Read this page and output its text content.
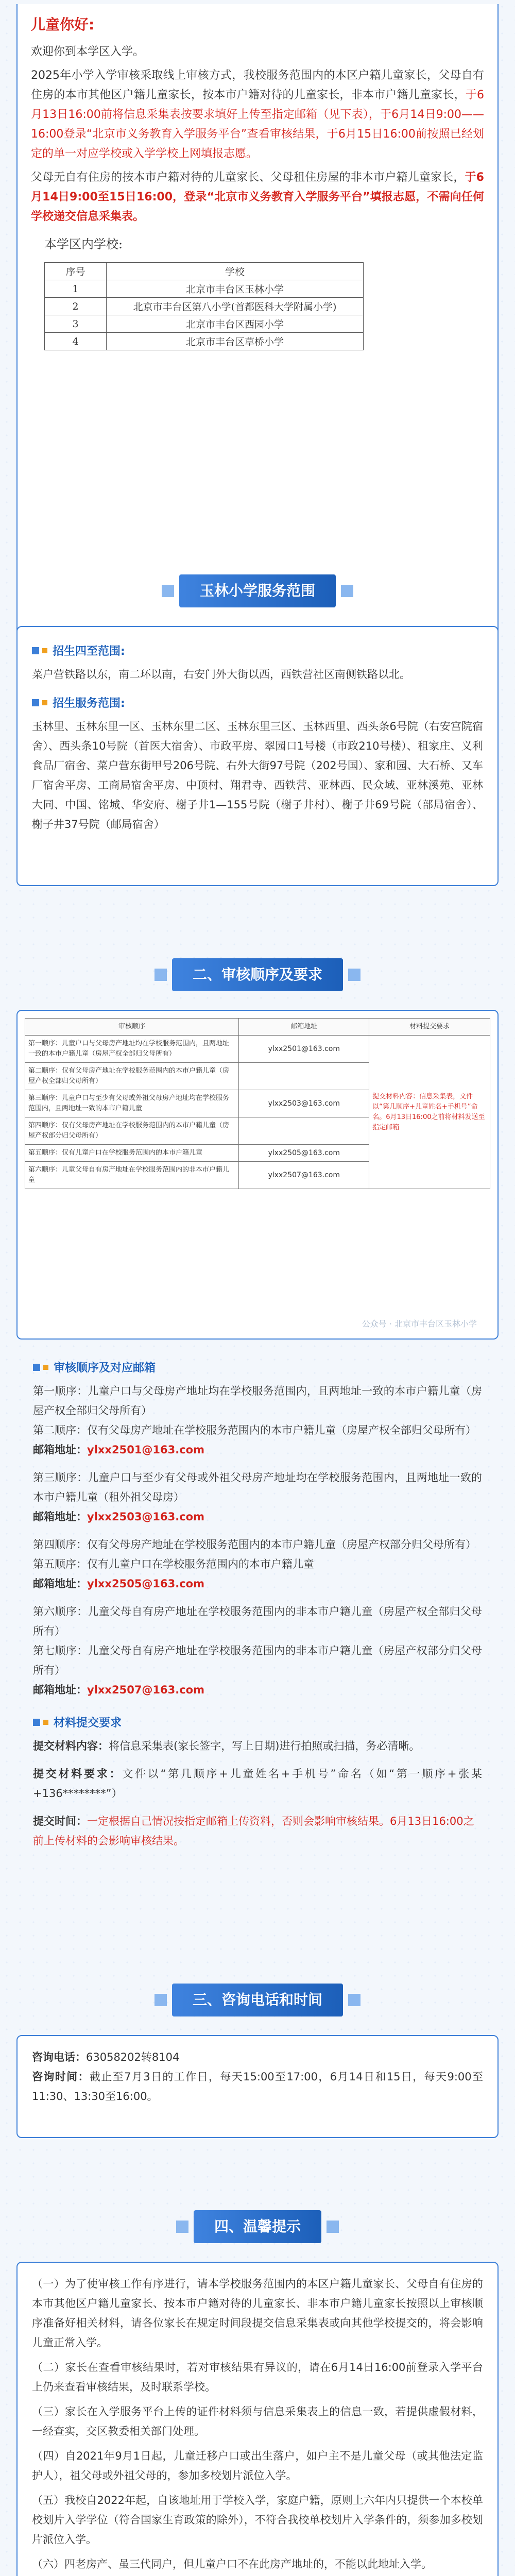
儿童你好:
欢迎你到本学区入学。
2025年小学入学审核采取线上审核方式，我校服务范围内的本区户籍儿童家长，父母自有住房的本市其他区户籍儿童家长，按本市户籍对待的儿童家长，非本市户籍儿童家长，于6月13日16:00前将信息采集表按要求填好上传至指定邮箱（见下表），于6月14日9:00——16:00登录“北京市义务教育入学服务平台”查看审核结果，于6月15日16:00前按照已经划定的单一对应学校或入学学校上网填报志愿。
父母无自有住房的按本市户籍对待的儿童家长、父母租住房屋的非本市户籍儿童家长，于6月14日9:00至15日16:00，登录“北京市义务教育入学服务平台”填报志愿，不需向任何学校递交信息采集表。
本学区内学校:
序号	学校
1	北京市丰台区玉林小学
2	北京市丰台区第八小学(首都医科大学附属小学)
3	北京市丰台区西园小学
4	北京市丰台区草桥小学
玉林小学服务范围
招生四至范围:
菜户营铁路以东，南二环以南，右安门外大街以西，西铁营社区南侧铁路以北。
招生服务范围:
玉林里、玉林东里一区、玉林东里二区、玉林东里三区、玉林西里、西头条6号院（右安宫院宿舍）、西头条10号院（首医大宿舍）、市政平房、翠园口1号楼（市政210号楼）、租家庄、义利食品厂宿舍、菜户营东街甲号206号院、右外大街97号院（202号国）、家和园、大石桥、又车厂宿舍平房、工商局宿舍平房、中顶村、翔君寺、西铁营、亚林西、民众域、亚林溪苑、亚林大同、中国、铭城、华安府、榭子井1—155号院（榭子井村）、榭子井69号院（部局宿舍）、榭子井37号院（邮局宿舍）
二、审核顺序及要求
审核顺序	邮箱地址	材料提交要求
第一顺序：儿童户口与父母房产地址均在学校服务范围内，且两地址一致的本市户籍儿童（房屋产权全部归父母所有）	ylxx2501@163.com	提交材料内容：信息采集表，文件以“第几顺序+儿童姓名+手机号”命名。6月13日16:00之前将材料发送至指定邮箱
第二顺序：仅有父母房产地址在学校服务范围内的本市户籍儿童（房屋产权全部归父母所有）		
第三顺序：儿童户口与至少有父母或外祖父母房产地址均在学校服务范围内，且两地址一致的本市户籍儿童	ylxx2503@163.com	
第四顺序：仅有父母房产地址在学校服务范围内的本市户籍儿童（房屋产权部分归父母所有）		
第五顺序：仅有儿童户口在学校服务范围内的本市户籍儿童	ylxx2505@163.com	
第六顺序：儿童父母自有房产地址在学校服务范围内的非本市户籍儿童	ylxx2507@163.com	
公众号 · 北京市丰台区玉林小学
审核顺序及对应邮箱
第一顺序：儿童户口与父母房产地址均在学校服务范围内，且两地址一致的本市户籍儿童（房屋产权全部归父母所有）
第二顺序：仅有父母房产地址在学校服务范围内的本市户籍儿童（房屋产权全部归父母所有）
邮箱地址：ylxx2501@163.com
第三顺序：儿童户口与至少有父母或外祖父母房产地址均在学校服务范围内，且两地址一致的本市户籍儿童（租外祖父母房）
邮箱地址：ylxx2503@163.com
第四顺序：仅有父母房产地址在学校服务范围内的本市户籍儿童（房屋产权部分归父母所有）
第五顺序：仅有儿童户口在学校服务范围内的本市户籍儿童
邮箱地址：ylxx2505@163.com
第六顺序：儿童父母自有房产地址在学校服务范围内的非本市户籍儿童（房屋产权全部归父母所有）
第七顺序：儿童父母自有房产地址在学校服务范围内的非本市户籍儿童（房屋产权部分归父母所有）
邮箱地址：ylxx2507@163.com
材料提交要求
提交材料内容：将信息采集表(家长签字，写上日期)进行拍照或扫描，务必清晰。
提交材料要求：文件以“第几顺序+儿童姓名+手机号”命名（如“第一顺序+张某+136********”）
提交时间：一定根据自己情况按指定邮箱上传资料，否则会影响审核结果。6月13日16:00之前上传材料的会影响审核结果。
三、咨询电话和时间
咨询电话：63058202转8104
咨询时间：截止至7月3日的工作日，每天15:00至17:00，6月14日和15日，每天9:00至11:30、13:30至16:00。
四、温馨提示
（一）为了使审核工作有序进行，请本学校服务范围内的本区户籍儿童家长、父母自有住房的本市其他区户籍儿童家长、按本市户籍对待的儿童家长、非本市户籍儿童家长按照以上审核顺序准备好相关材料，请各位家长在规定时间段提交信息采集表或向其他学校提交的，将会影响儿童正常入学。
（二）家长在查看审核结果时，若对审核结果有异议的，请在6月14日16:00前登录入学平台上仍来查看审核结果，及时联系学校。
（三）家长在入学服务平台上传的证件材料须与信息采集表上的信息一致，若提供虚假材料，一经查实，交区教委相关部门处理。
（四）自2021年9月1日起，儿童迁移户口或出生落户，如户主不是儿童父母（或其他法定监护人），祖父母或外祖父母的，参加多校划片派位入学。
（五）我校自2022年起，自该地址用于学校入学，家庭户籍，原则上六年内只提供一个本校单校划片入学学位（符合国家生育政策的除外），不符合我校单校划片入学条件的，须参加多校划片派位入学。
（六）四老房产、虽三代同户，但儿童户口不在此房产地址的，不能以此地址入学。
